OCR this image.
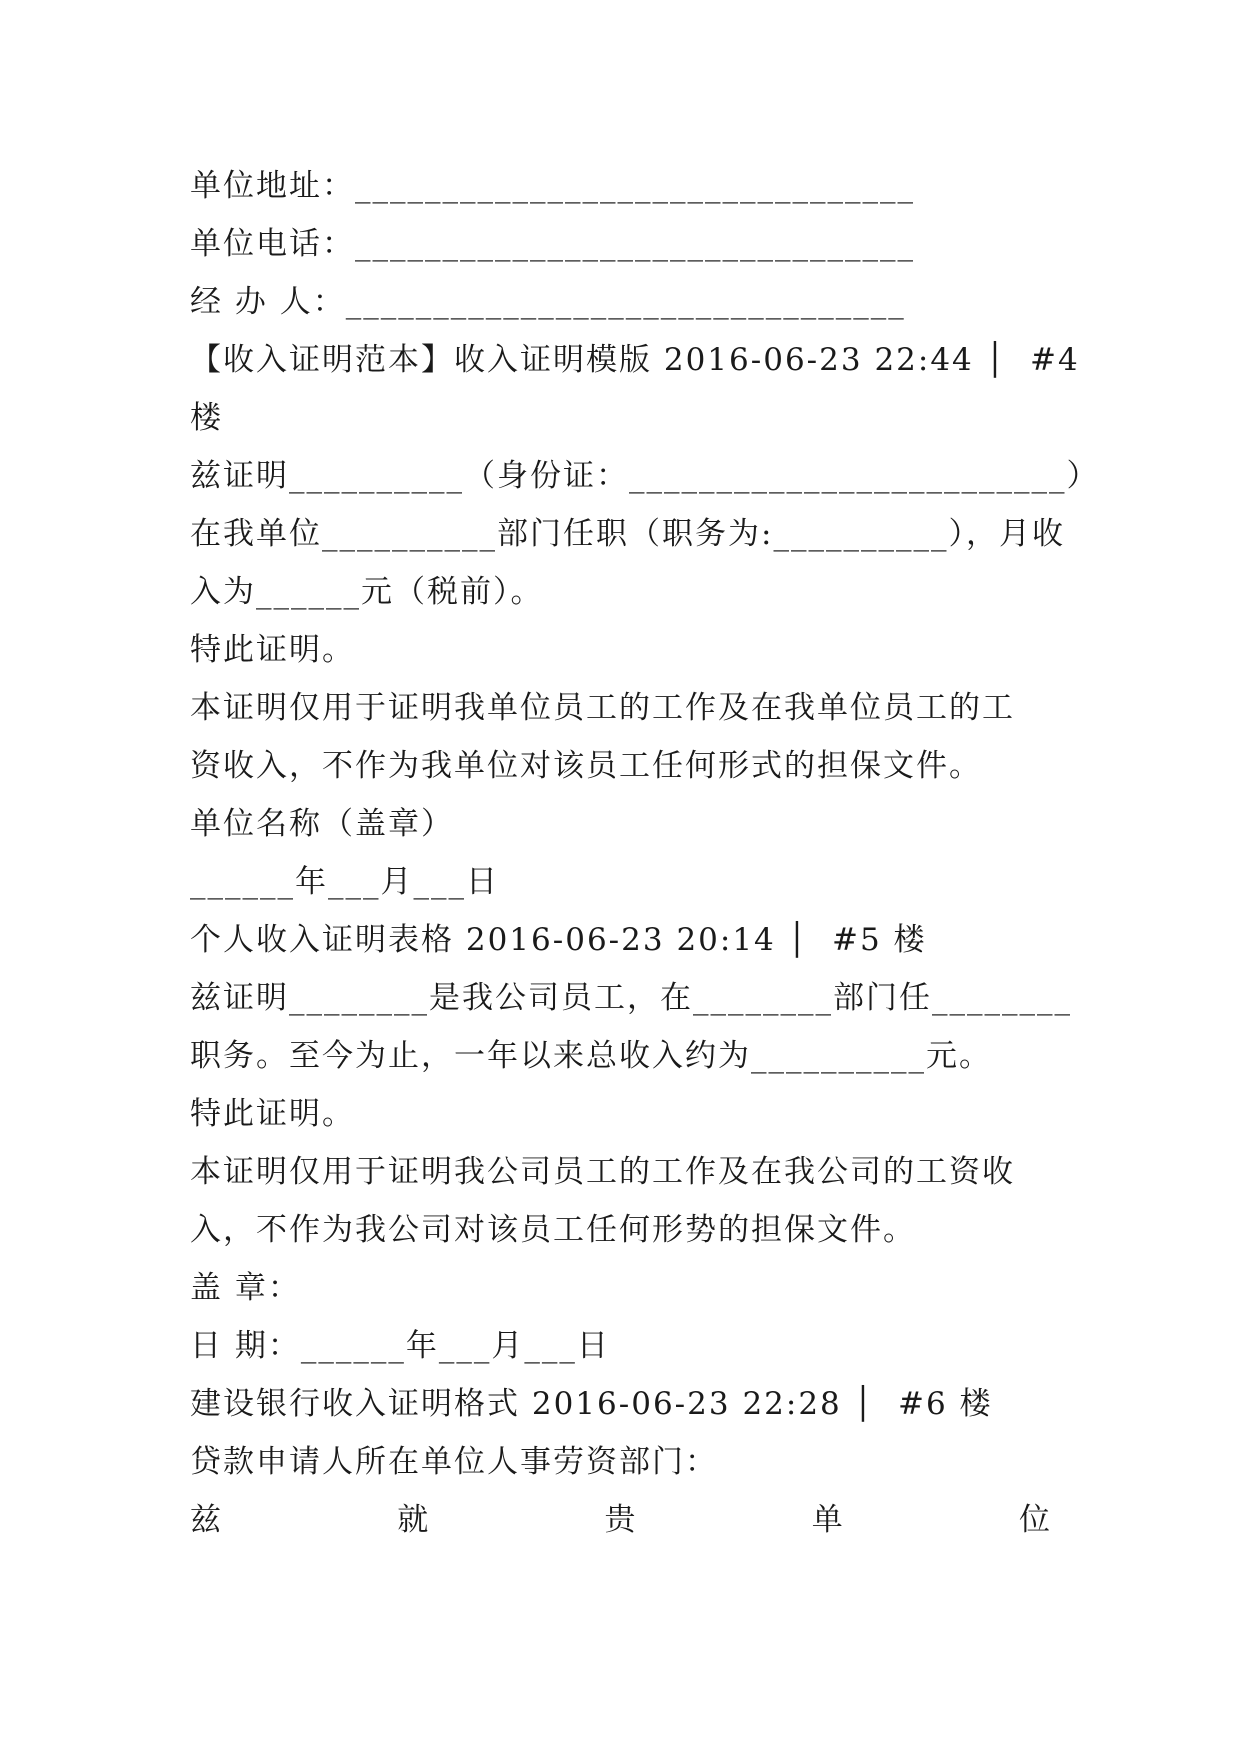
单位地址：________________________________
单位电话：________________________________
经 办 人：________________________________
【收入证明范本】收入证明模版 2016-06-23 22:44 │  #4
楼
兹证明__________（身份证：_________________________）
在我单位__________部门任职（职务为:__________），月收
入为______元（税前）。
特此证明。
本证明仅用于证明我单位员工的工作及在我单位员工的工
资收入，不作为我单位对该员工任何形式的担保文件。
单位名称（盖章）
______年___月___日
个人收入证明表格 2016-06-23 20:14 │  #5 楼
兹证明________是我公司员工，在________部门任________
职务。至今为止，一年以来总收入约为__________元。
特此证明。
本证明仅用于证明我公司员工的工作及在我公司的工资收
入，不作为我公司对该员工任何形势的担保文件。
盖 章：
日 期：______年___月___日
建设银行收入证明格式 2016-06-23 22:28 │  #6 楼
贷款申请人所在单位人事劳资部门：
兹	就	贵	单	位
